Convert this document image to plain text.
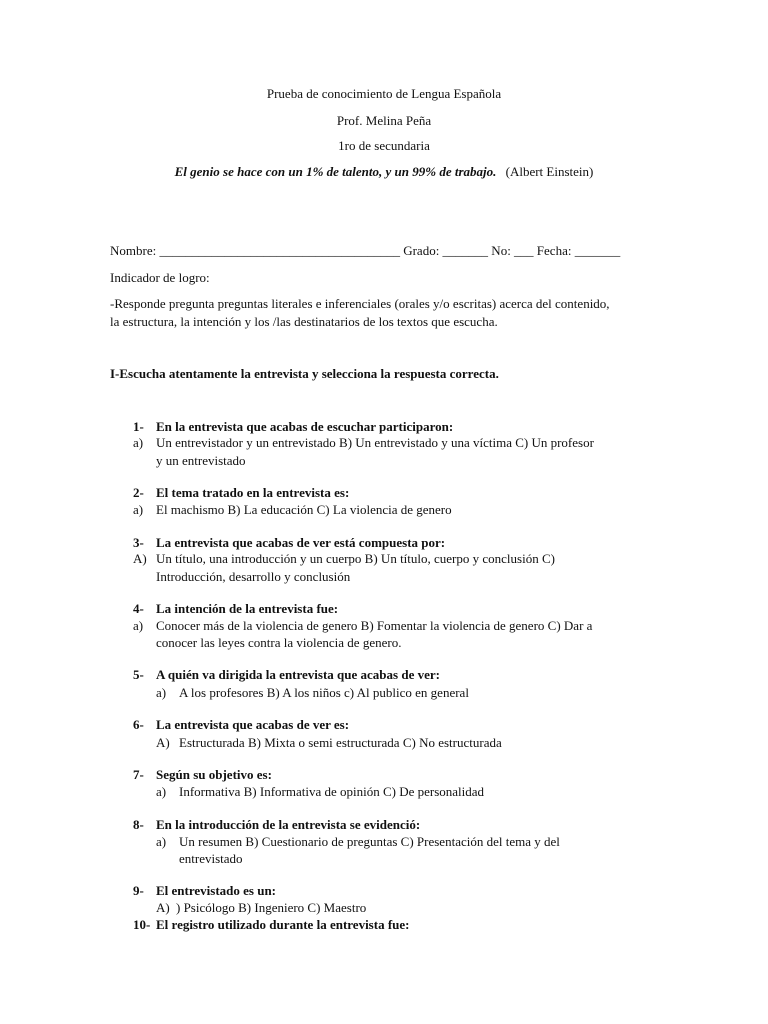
Prueba de conocimiento de Lengua Española
Prof. Melina Peña
1ro de secundaria
El genio se hace con un 1% de talento, y un 99% de trabajo. (Albert Einstein)
Nombre: _____________________________________ Grado: _______ No: ___ Fecha: _______
Indicador de logro:
-Responde pregunta preguntas literales e inferenciales (orales y/o escritas) acerca del contenido,
la estructura, la intención y los /las destinatarios de los textos que escucha.
I-Escucha atentamente la entrevista y selecciona la respuesta correcta.
1- En la entrevista que acabas de escuchar participaron:
a) Un entrevistador y un entrevistado B) Un entrevistado y una víctima C) Un profesor
y un entrevistado
2- El tema tratado en la entrevista es:
a) El machismo B) La educación C) La violencia de genero
3- La entrevista que acabas de ver está compuesta por:
A) Un título, una introducción y un cuerpo B) Un título, cuerpo y conclusión C)
Introducción, desarrollo y conclusión
4- La intención de la entrevista fue:
a) Conocer más de la violencia de genero B) Fomentar la violencia de genero C) Dar a
conocer las leyes contra la violencia de genero.
5- A quién va dirigida la entrevista que acabas de ver:
a) A los profesores B) A los niños c) Al publico en general
6- La entrevista que acabas de ver es:
A) Estructurada B) Mixta o semi estructurada C) No estructurada
7- Según su objetivo es:
a) Informativa B) Informativa de opinión C) De personalidad
8- En la introducción de la entrevista se evidenció:
a) Un resumen B) Cuestionario de preguntas C) Presentación del tema y del
entrevistado
9- El entrevistado es un:
A) ) Psicólogo B) Ingeniero C) Maestro
10- El registro utilizado durante la entrevista fue:
